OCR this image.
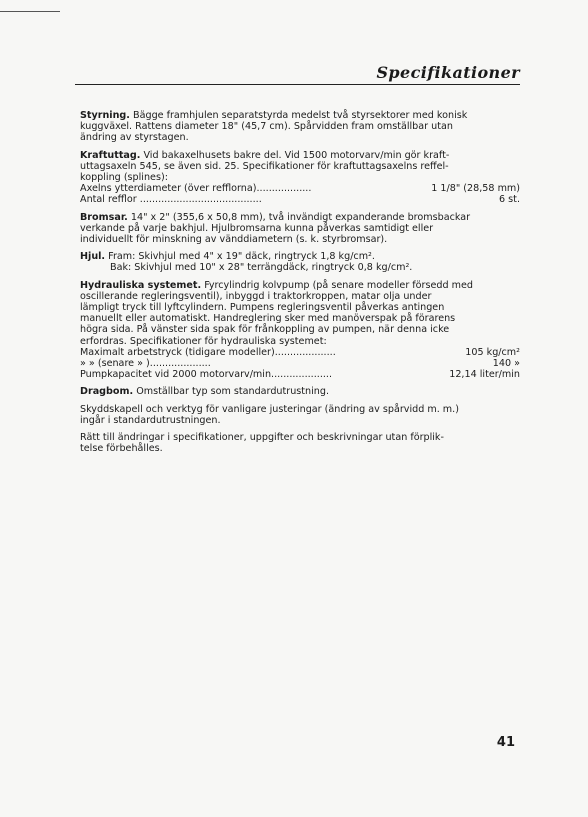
Specifikationer
Styrning. Bägge framhjulen separatstyrda medelst två styrsektorer med konisk
kuggväxel. Rattens diameter 18" (45,7 cm). Spårvidden fram omställbar utan
ändring av styrstagen.
Kraftuttag. Vid bakaxelhusets bakre del. Vid 1500 motorvarv/min gör kraft-
uttagsaxeln 545, se även sid. 25. Specifikationer för kraftuttagsaxelns reffel-
koppling (splines):
Axelns ytterdiameter (över refflorna)..................	1 1/8" (28,58 mm)
Antal refflor ........................................	6 st.
Bromsar. 14" x 2" (355,6 x 50,8 mm), två invändigt expanderande bromsbackar
verkande på varje bakhjul. Hjulbromsarna kunna påverkas samtidigt eller
individuellt för minskning av vänddiametern (s. k. styrbromsar).
Hjul. Fram: Skivhjul med 4" x 19" däck, ringtryck 1,8 kg/cm².
Bak: Skivhjul med 10" x 28" terrängdäck, ringtryck 0,8 kg/cm².
Hydrauliska systemet. Fyrcylindrig kolvpump (på senare modeller försedd med
oscillerande regleringsventil), inbyggd i traktorkroppen, matar olja under
lämpligt tryck till lyftcylindern. Pumpens regleringsventil påverkas antingen
manuellt eller automatiskt. Handreglering sker med manöverspak på förarens
högra sida. På vänster sida spak för frånkoppling av pumpen, när denna icke
erfordras. Specifikationer för hydrauliska systemet:
Maximalt arbetstryck (tidigare modeller)....................	105 kg/cm²
» » (senare » )....................	140 »
Pumpkapacitet vid 2000 motorvarv/min....................	12,14 liter/min
Dragbom. Omställbar typ som standardutrustning.
Skyddskapell och verktyg för vanligare justeringar (ändring av spårvidd m. m.)
ingår i standardutrustningen.
Rätt till ändringar i specifikationer, uppgifter och beskrivningar utan förplik-
telse förbehålles.
41
